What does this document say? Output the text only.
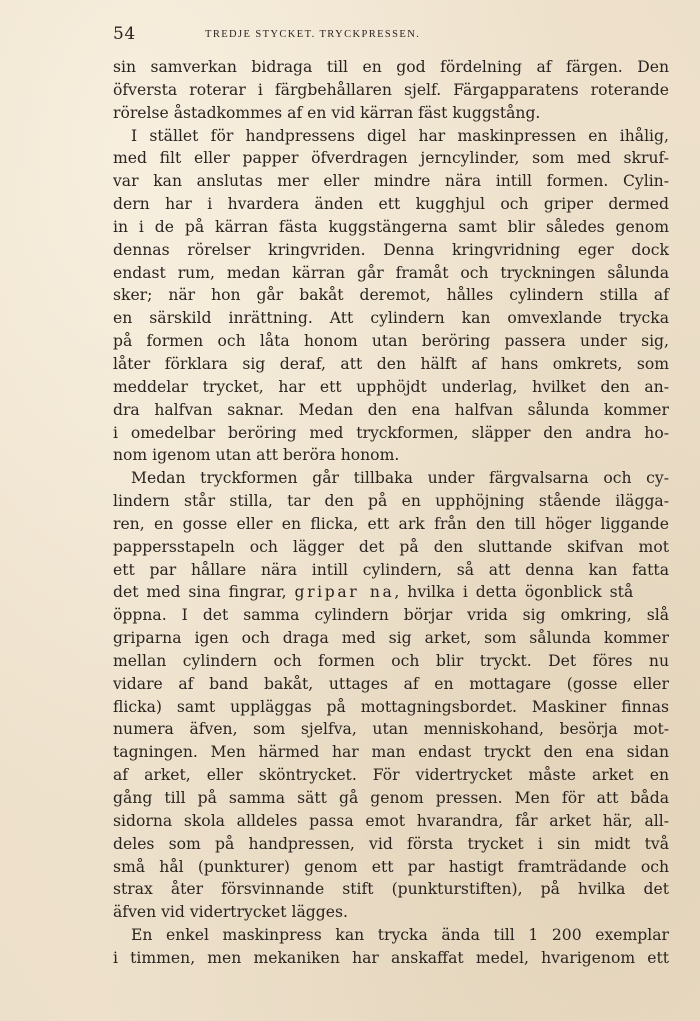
54	TREDJE STYCKET. TRYCKPRESSEN.
sin samverkan bidraga till en god fördelning af färgen. Den
öfversta roterar i färgbehållaren sjelf. Färgapparatens roterande
rörelse åstadkommes af en vid kärran fäst kuggstång.
I stället för handpressens digel har maskinpressen en ihålig,
med filt eller papper öfverdragen jerncylinder, som med skruf-
var kan anslutas mer eller mindre nära intill formen. Cylin-
dern har i hvardera änden ett kugghjul och griper dermed
in i de på kärran fästa kuggstängerna samt blir således genom
dennas rörelser kringvriden. Denna kringvridning eger dock
endast rum, medan kärran går framåt och tryckningen sålunda
sker; när hon går bakåt deremot, hålles cylindern stilla af
en särskild inrättning. Att cylindern kan omvexlande trycka
på formen och låta honom utan beröring passera under sig,
låter förklara sig deraf, att den hälft af hans omkrets, som
meddelar trycket, har ett upphöjdt underlag, hvilket den an-
dra halfvan saknar. Medan den ena halfvan sålunda kommer
i omedelbar beröring med tryckformen, släpper den andra ho-
nom igenom utan att beröra honom.
Medan tryckformen går tillbaka under färgvalsarna och cy-
lindern står stilla, tar den på en upphöjning stående iläggа-
ren, en gosse eller en flicka, ett ark från den till höger liggande
pappersstapeln och lägger det på den sluttande skifvan mot
ett par hållare nära intill cylindern, så att denna kan fatta
det med sina fingrar, gripar na, hvilka i detta ögonblick stå
öppna. I det samma cylindern börjar vrida sig omkring, slå
griparna igen och draga med sig arket, som sålunda kommer
mellan cylindern och formen och blir tryckt. Det föres nu
vidare af band bakåt, uttages af en mottagare (gosse eller
flicka) samt uppläggas på mottagningsbordet. Maskiner finnas
numera äfven, som sjelfva, utan menniskohand, besörja mot-
tagningen. Men härmed har man endast tryckt den ena sidan
af arket, eller sköntrycket. För vidertrycket måste arket en
gång till på samma sätt gå genom pressen. Men för att båda
sidorna skola alldeles passa emot hvarandra, får arket här, all-
deles som på handpressen, vid första trycket i sin midt två
små hål (punkturer) genom ett par hastigt framträdande och
strax åter försvinnande stift (punkturstiften), på hvilka det
äfven vid vidertrycket lägges.
En enkel maskinpress kan trycka ända till 1 200 exemplar
i timmen, men mekaniken har anskaffat medel, hvarigenom ett
